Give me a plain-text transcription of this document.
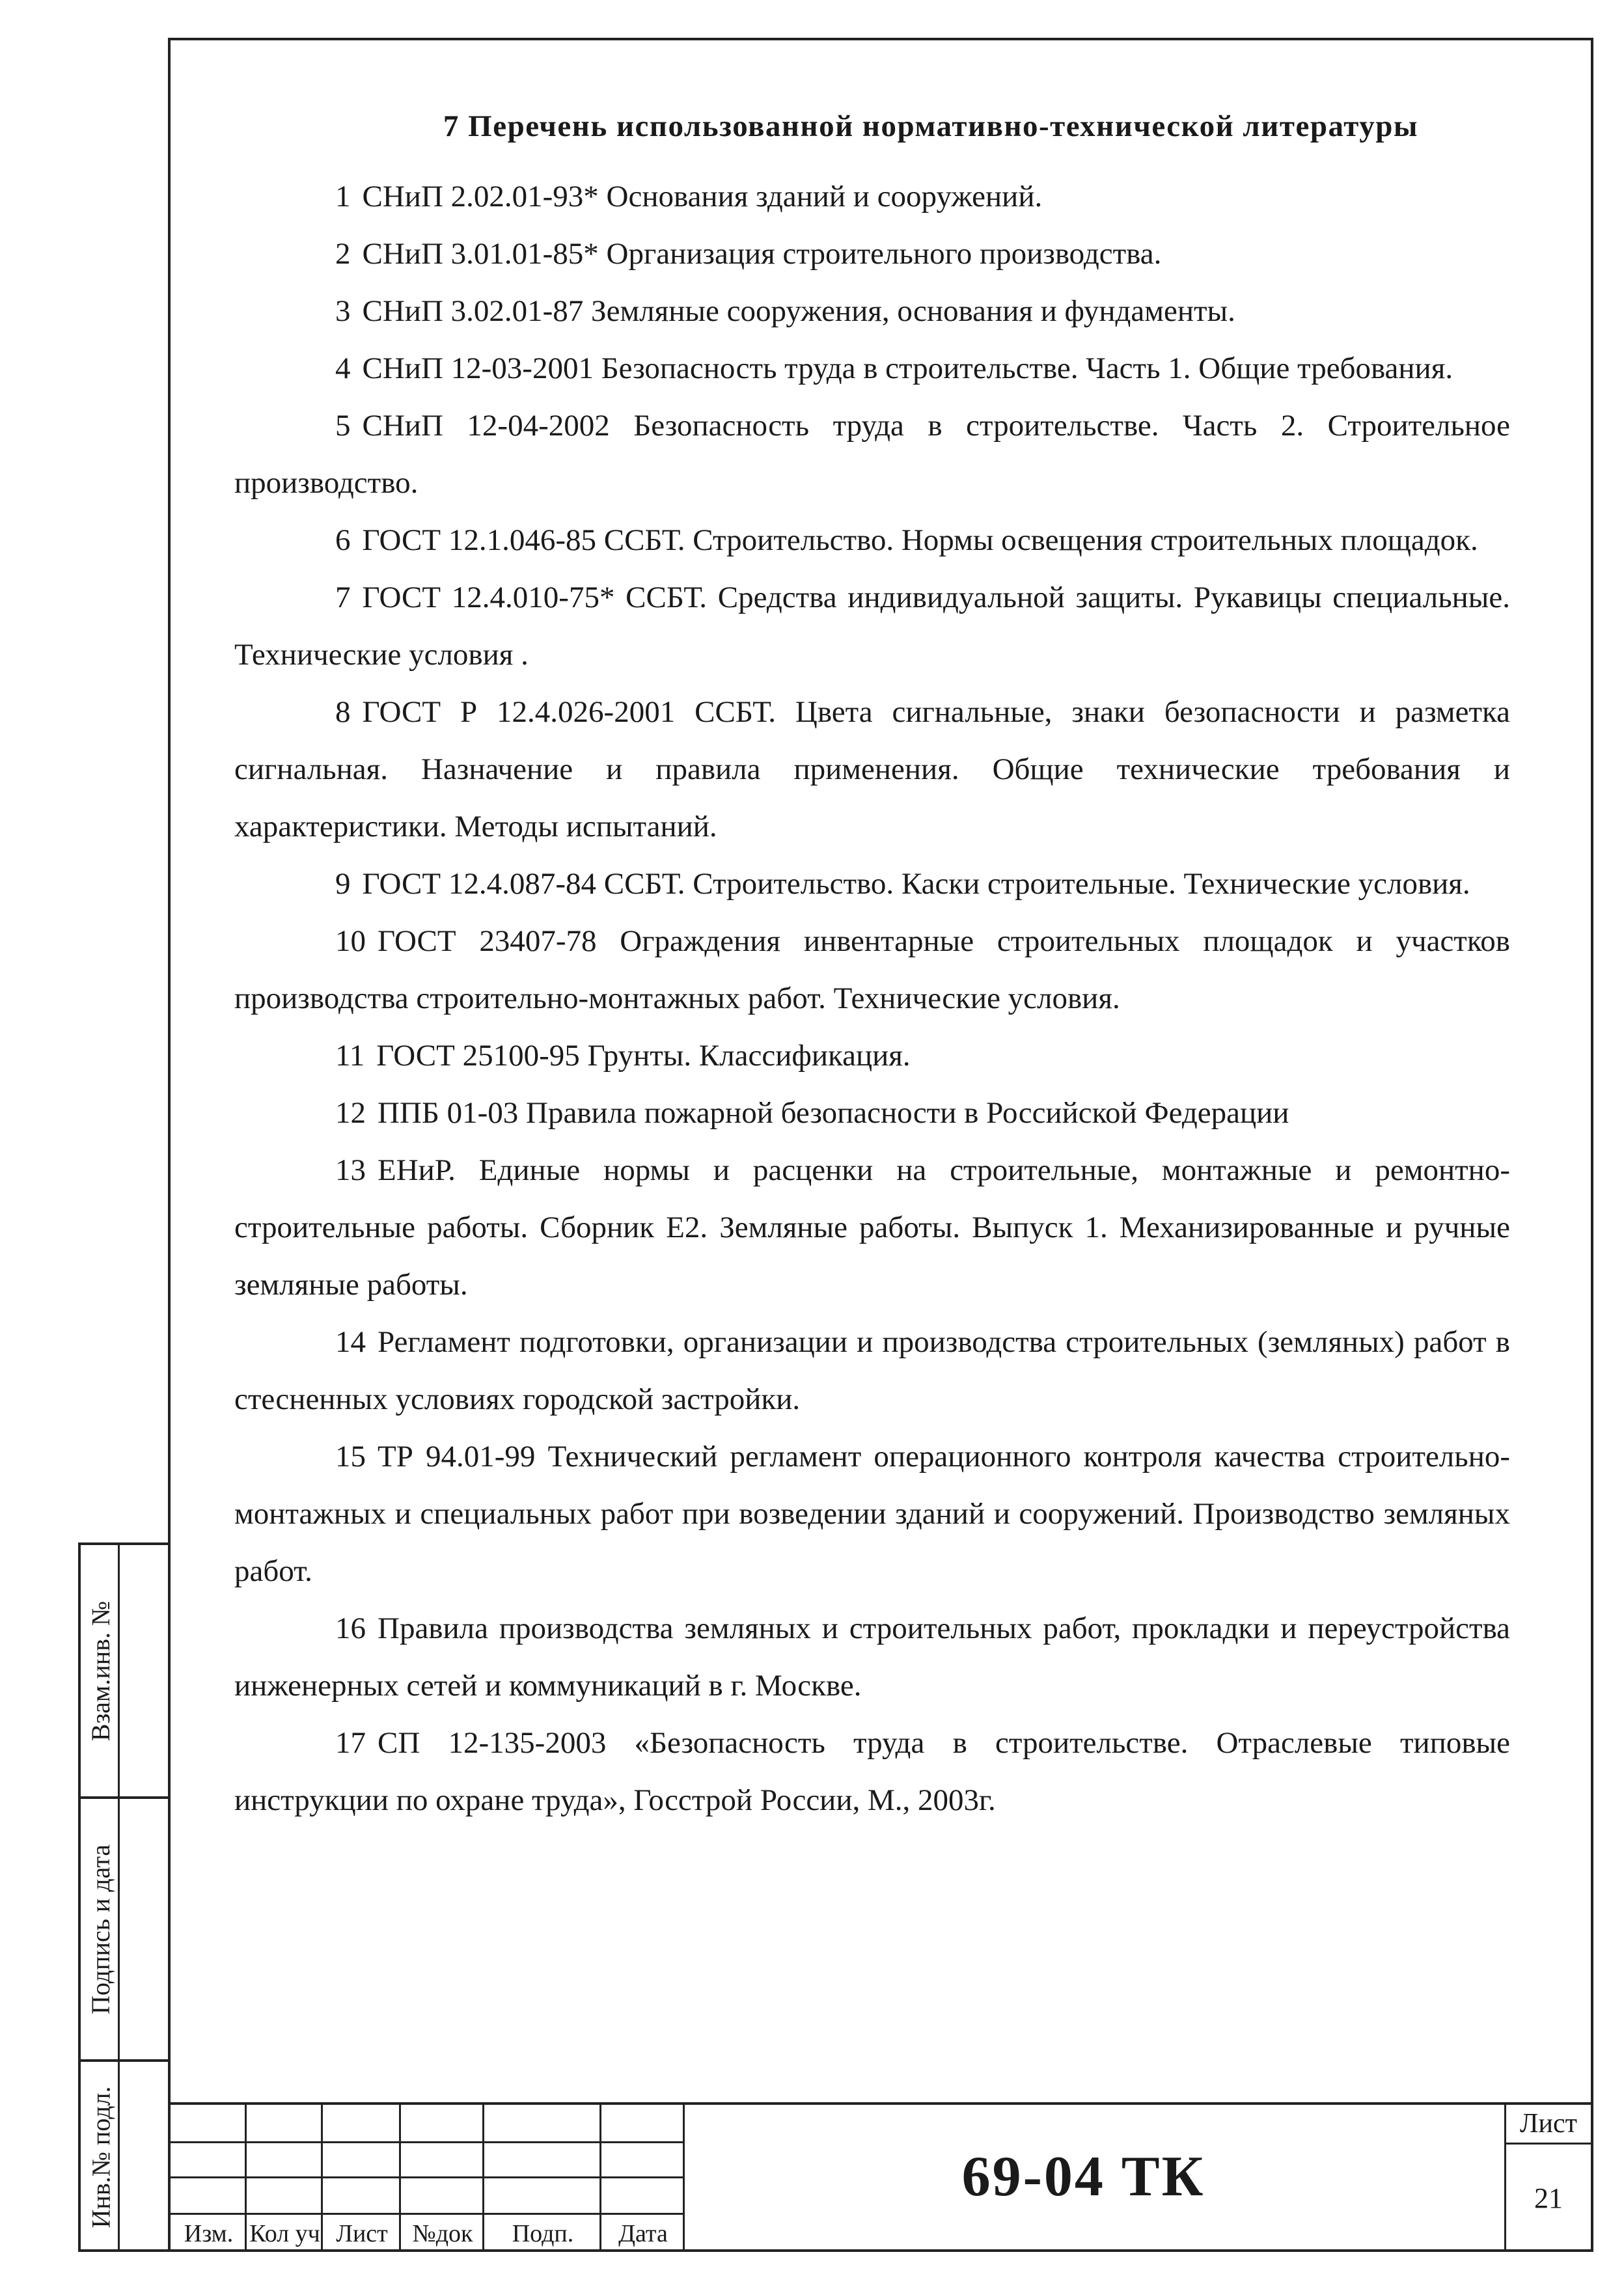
7 Перечень использованной нормативно-технической литературы

1 СНиП 2.02.01-93* Основания зданий и сооружений.

2 СНиП 3.01.01-85* Организация строительного производства.

3 СНиП 3.02.01-87 Земляные сооружения, основания и фундаменты.

4 СНиП 12-03-2001 Безопасность труда в строительстве. Часть 1. Общие требования.

5 СНиП 12-04-2002 Безопасность труда в строительстве. Часть 2. Строительное производство.

6 ГОСТ 12.1.046-85 ССБТ. Строительство. Нормы освещения строительных площадок.

7 ГОСТ 12.4.010-75* ССБТ. Средства индивидуальной защиты. Рукавицы специальные. Технические условия .

8 ГОСТ Р 12.4.026-2001 ССБТ. Цвета сигнальные, знаки безопасности и разметка сигнальная. Назначение и правила применения. Общие технические требования и характеристики. Методы испытаний.

9 ГОСТ 12.4.087-84 ССБТ. Строительство. Каски строительные. Технические условия.

10 ГОСТ 23407-78 Ограждения инвентарные строительных площадок и участков производства строительно-монтажных работ. Технические условия.

11 ГОСТ 25100-95 Грунты. Классификация.

12 ППБ 01-03 Правила пожарной безопасности в Российской Федерации

13 ЕНиР. Единые нормы и расценки на строительные, монтажные и ремонтно-строительные работы. Сборник Е2. Земляные работы. Выпуск 1. Механизированные и ручные земляные работы.

14 Регламент подготовки, организации и производства строительных (земляных) работ в стесненных условиях городской застройки.

15 ТР 94.01-99 Технический регламент операционного контроля качества строительно-монтажных и специальных работ при возведении зданий и сооружений. Производство земляных работ.

16 Правила производства земляных и строительных работ, прокладки и переустройства инженерных сетей и коммуникаций в г. Москве.

17 СП 12-135-2003 «Безопасность труда в строительстве. Отраслевые типовые инструкции по охране труда», Госстрой России, М., 2003г.

Взам.инв. №
Подпись и дата
Инв.№ подл.
Изм. Кол уч Лист №док	Подп.	Дата
69-04 ТК
Лист
21
